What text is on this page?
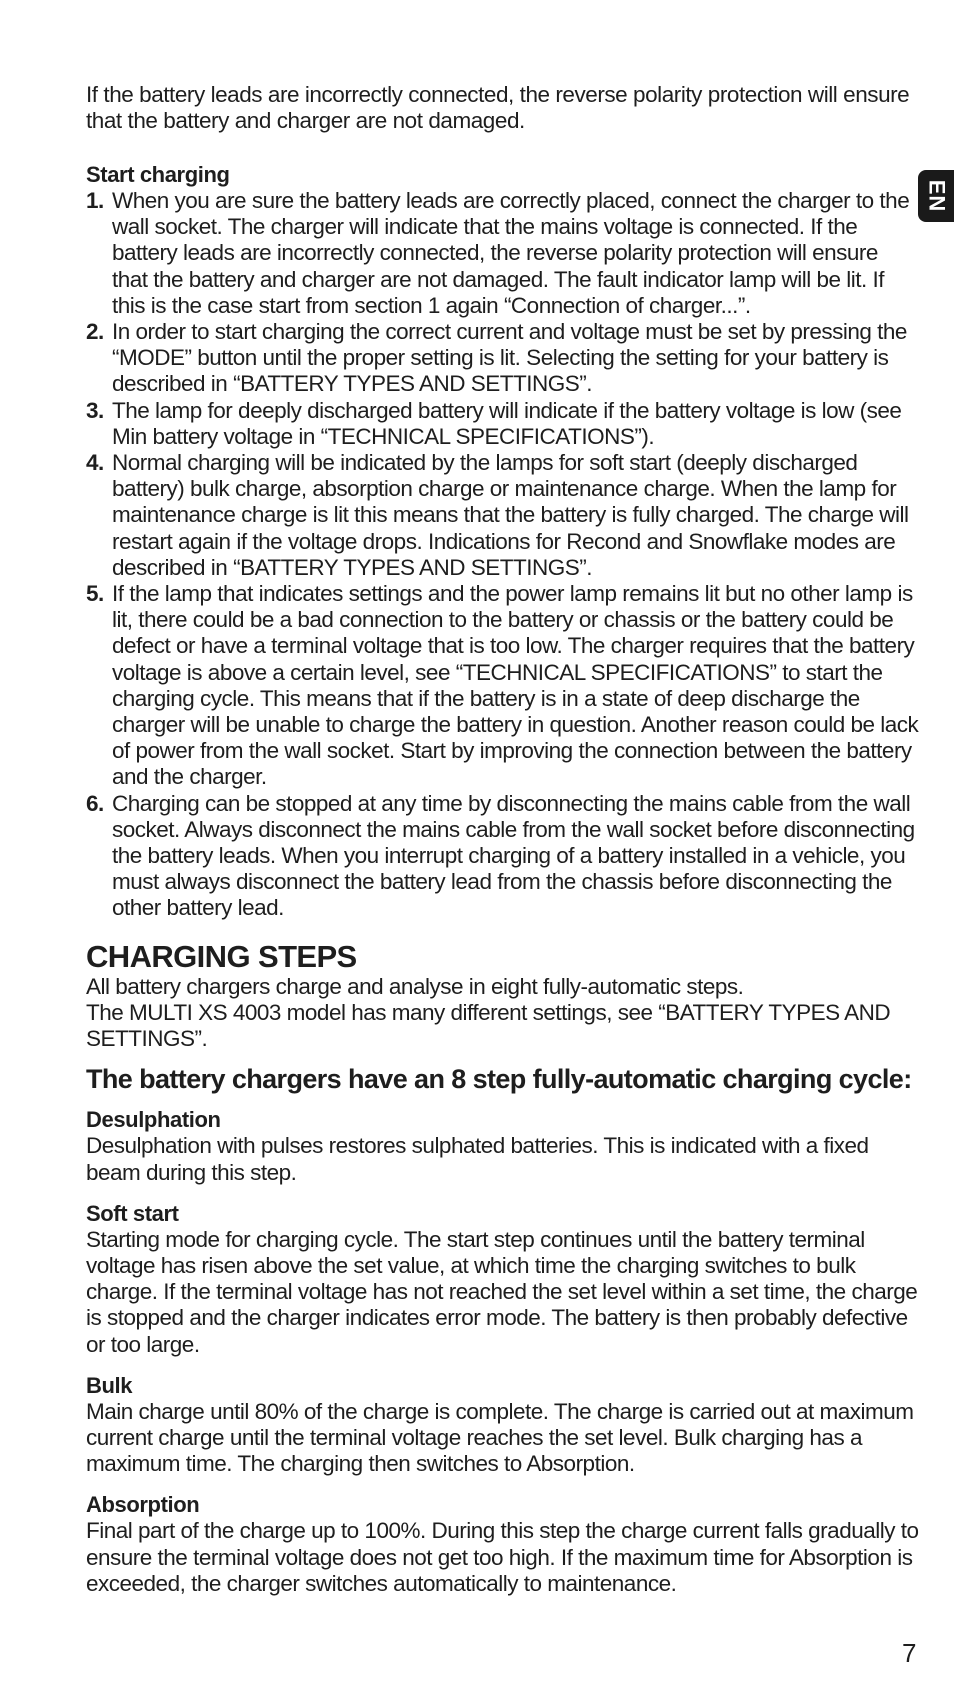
EN

If the battery leads are incorrectly connected, the reverse polarity protection will ensure that the battery and charger are not damaged.

Start charging

1. When you are sure the battery leads are correctly placed, connect the charger to the wall socket. The charger will indicate that the mains voltage is connected. If the battery leads are incorrectly connected, the reverse polarity protection will ensure that the battery and charger are not damaged. The fault indicator lamp will be lit. If this is the case start from section 1 again “Connection of charger...”.
2. In order to start charging the correct current and voltage must be set by pressing the “MODE” button until the proper setting is lit. Selecting the setting for your battery is described in “BATTERY TYPES AND SETTINGS”.
3. The lamp for deeply discharged battery will indicate if the battery voltage is low (see Min battery voltage in “TECHNICAL SPECIFICATIONS”).
4. Normal charging will be indicated by the lamps for soft start (deeply discharged battery) bulk charge, absorption charge or maintenance charge. When the lamp for maintenance charge is lit this means that the battery is fully charged. The charge will restart again if the voltage drops. Indications for Recond and Snowflake modes are described in “BATTERY TYPES AND SETTINGS”.
5. If the lamp that indicates settings and the power lamp remains lit but no other lamp is lit, there could be a bad connection to the battery or chassis or the battery could be defect or have a terminal voltage that is too low. The charger requires that the battery voltage is above a certain level, see “TECHNICAL SPECIFICATIONS” to start the charging cycle. This means that if the battery is in a state of deep discharge the charger will be unable to charge the battery in question. Another reason could be lack of power from the wall socket. Start by improving the connection between the battery and the charger.
6. Charging can be stopped at any time by disconnecting the mains cable from the wall socket. Always disconnect the mains cable from the wall socket before disconnecting the battery leads. When you interrupt charging of a battery installed in a vehicle, you must always disconnect the battery lead from the chassis before disconnecting the other battery lead.

CHARGING STEPS

All battery chargers charge and analyse in eight fully-automatic steps.

The MULTI XS 4003 model has many different settings, see “BATTERY TYPES AND SETTINGS”.

The battery chargers have an 8 step fully-automatic charging cycle:

Desulphation

Desulphation with pulses restores sulphated batteries. This is indicated with a fixed beam during this step.

Soft start

Starting mode for charging cycle. The start step continues until the battery terminal voltage has risen above the set value, at which time the charging switches to bulk charge. If the terminal voltage has not reached the set level within a set time, the charge is stopped and the charger indicates error mode. The battery is then probably defective or too large.

Bulk

Main charge until 80% of the charge is complete. The charge is carried out at maximum current charge until the terminal voltage reaches the set level. Bulk charging has a maximum time. The charging then switches to Absorption.

Absorption

Final part of the charge up to 100%. During this step the charge current falls gradually to ensure the terminal voltage does not get too high. If the maximum time for Absorption is exceeded, the charger switches automatically to maintenance.

7
